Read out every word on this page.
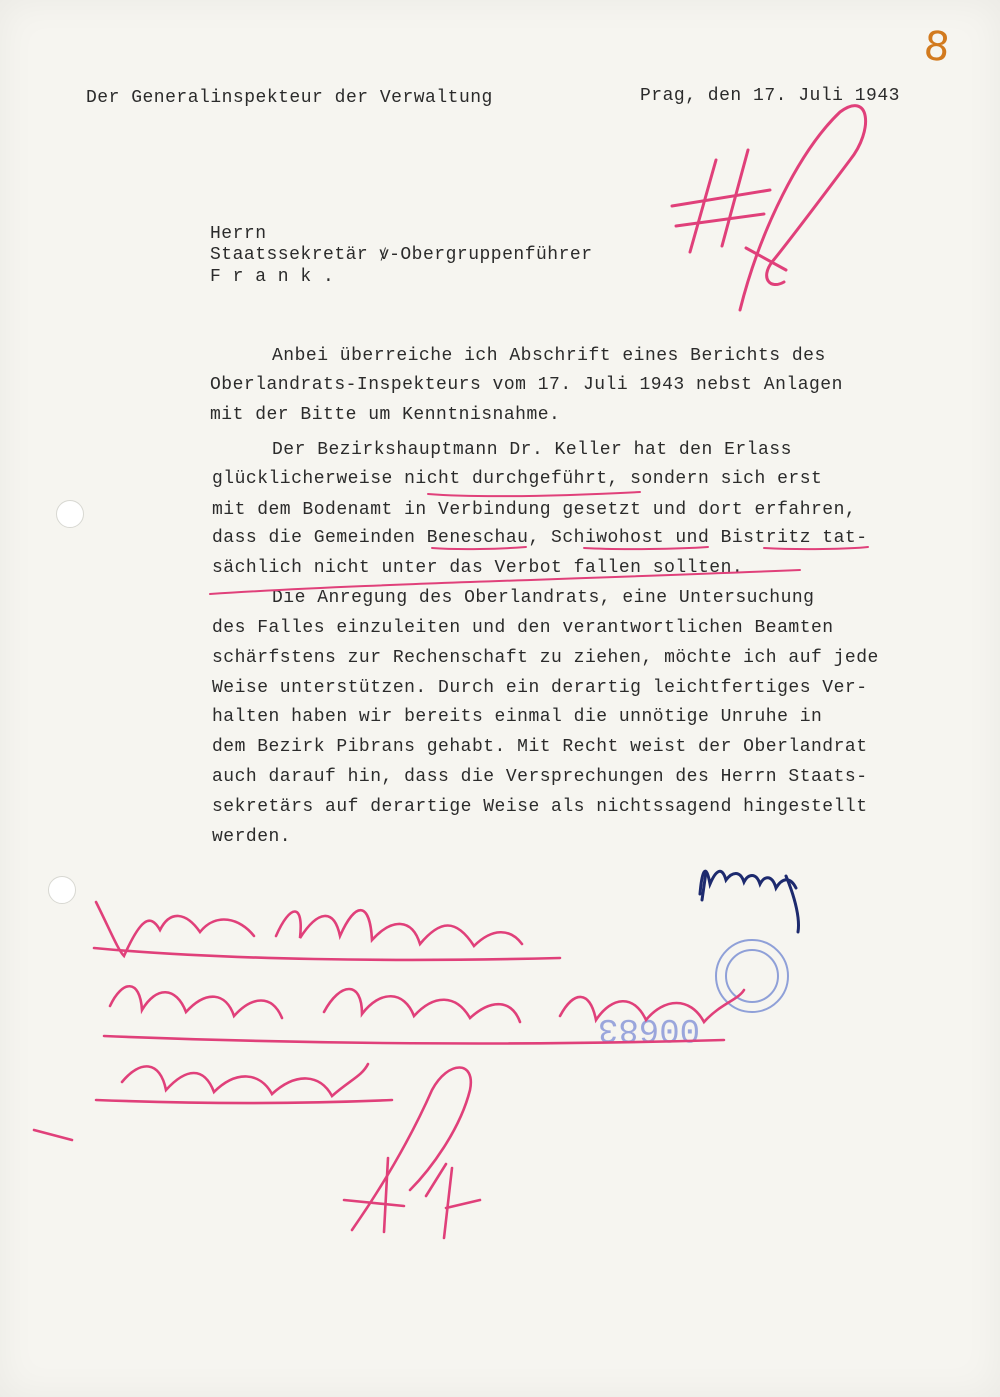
8
Der Generalinspekteur der Verwaltung	Prag, den 17. Juli 1943
Herrn
Staatssekretär ꝟ-Obergruppenführer
F r a n k .
Anbei überreiche ich Abschrift eines Berichts des
Oberlandrats-Inspekteurs vom 17. Juli 1943 nebst Anlagen
mit der Bitte um Kenntnisnahme.
Der Bezirkshauptmann Dr. Keller hat den Erlass
glücklicherweise nicht durchgeführt, sondern sich erst
mit dem Bodenamt in Verbindung gesetzt und dort erfahren,
dass die Gemeinden Beneschau, Schiwohost und Bistritz tat-
sächlich nicht unter das Verbot fallen sollten.
Die Anregung des Oberlandrats, eine Untersuchung
des Falles einzuleiten und den verantwortlichen Beamten
schärfstens zur Rechenschaft zu ziehen, möchte ich auf jede
Weise unterstützen. Durch ein derartig leichtfertiges Ver-
halten haben wir bereits einmal die unnötige Unruhe in
dem Bezirk Pibrans gehabt. Mit Recht weist der Oberlandrat
auch darauf hin, dass die Versprechungen des Herrn Staats-
sekretärs auf derartige Weise als nichtssagend hingestellt
werden.
00683
